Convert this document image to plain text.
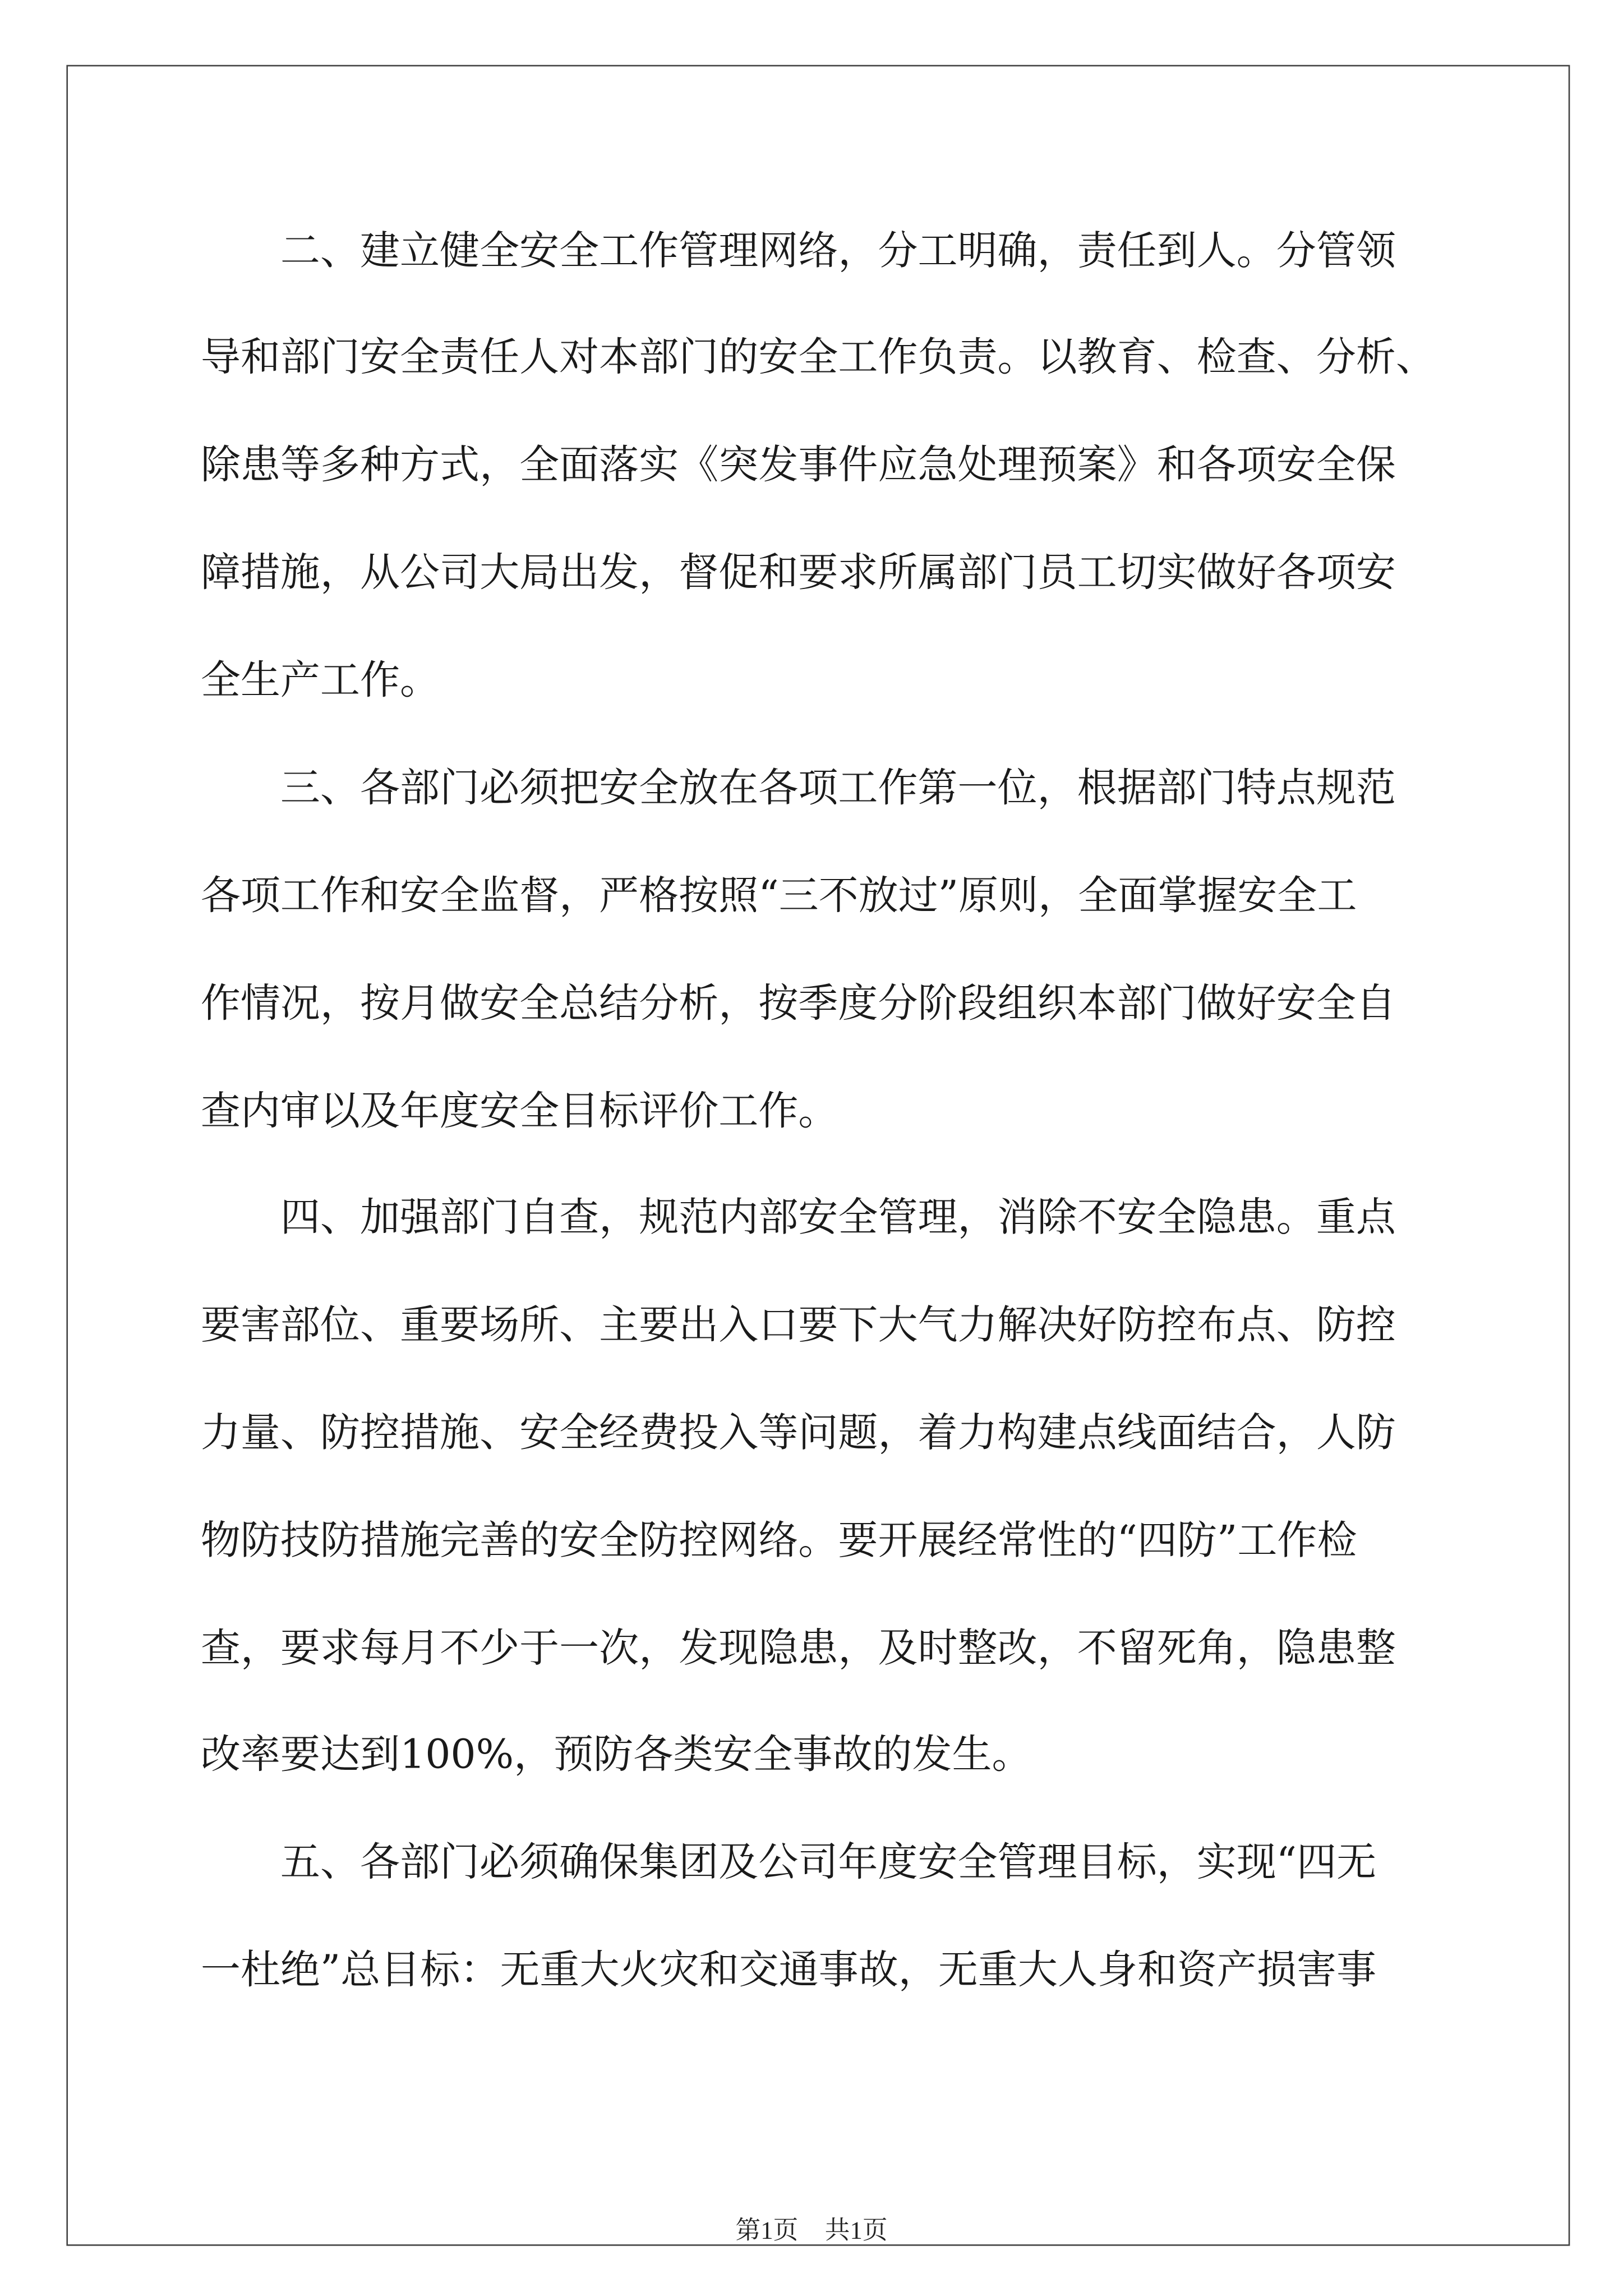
　　二、建立健全安全工作管理网络，分工明确，责任到人。分管领

导和部门安全责任人对本部门的安全工作负责。以教育、检查、分析、

除患等多种方式，全面落实《突发事件应急处理预案》和各项安全保

障措施，从公司大局出发，督促和要求所属部门员工切实做好各项安

全生产工作。

　　三、各部门必须把安全放在各项工作第一位，根据部门特点规范

各项工作和安全监督，严格按照“三不放过”原则，全面掌握安全工

作情况，按月做安全总结分析，按季度分阶段组织本部门做好安全自

查内审以及年度安全目标评价工作。

　　四、加强部门自查，规范内部安全管理，消除不安全隐患。重点

要害部位、重要场所、主要出入口要下大气力解决好防控布点、防控

力量、防控措施、安全经费投入等问题，着力构建点线面结合，人防

物防技防措施完善的安全防控网络。要开展经常性的“四防”工作检

查，要求每月不少于一次，发现隐患，及时整改，不留死角，隐患整

改率要达到100%，预防各类安全事故的发生。

　　五、各部门必须确保集团及公司年度安全管理目标，实现“四无

一杜绝”总目标：无重大火灾和交通事故，无重大人身和资产损害事

第1页	共1页
